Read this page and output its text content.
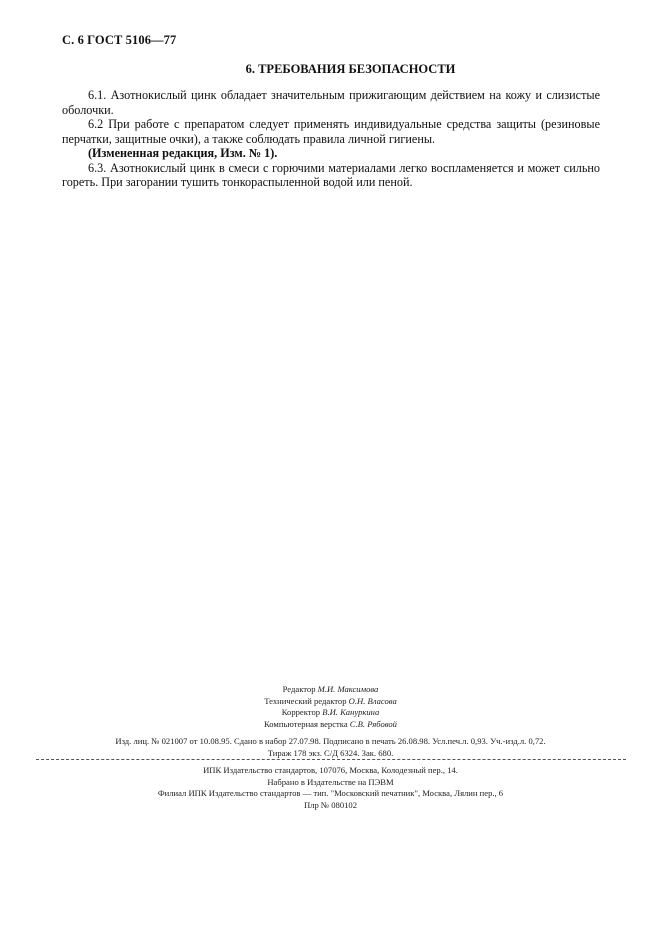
С. 6 ГОСТ 5106—77
6. ТРЕБОВАНИЯ БЕЗОПАСНОСТИ

6.1. Азотнокислый цинк обладает значительным прижигающим действием на кожу и слизистые оболочки.

6.2 При работе с препаратом следует применять индивидуальные средства защиты (резиновые перчатки, защитные очки), а также соблюдать правила личной гигиены.

(Измененная редакция, Изм. № 1).

6.3. Азотнокислый цинк в смеси с горючими материалами легко воспламеняется и может сильно гореть. При загорании тушить тонкораспыленной водой или пеной.

Редактор М.И. Максимова
Технический редактор О.Н. Власова
Корректор В.И. Кануркина
Компьютерная верстка С.В. Рябовой
Изд. лиц. № 021007 от 10.08.95. Сдано в набор 27.07.98. Подписано в печать 26.08.98. Усл.печ.л. 0,93. Уч.-изд.л. 0,72.
Тираж 178 экз. С/Д 6324. Зак. 680.
ИПК Издательство стандартов, 107076, Москва, Колодезный пер., 14.
Набрано в Издательстве на ПЭВМ
Филиал ИПК Издательство стандартов — тип. "Московский печатник", Москва, Лялин пер., 6
Плр № 080102
